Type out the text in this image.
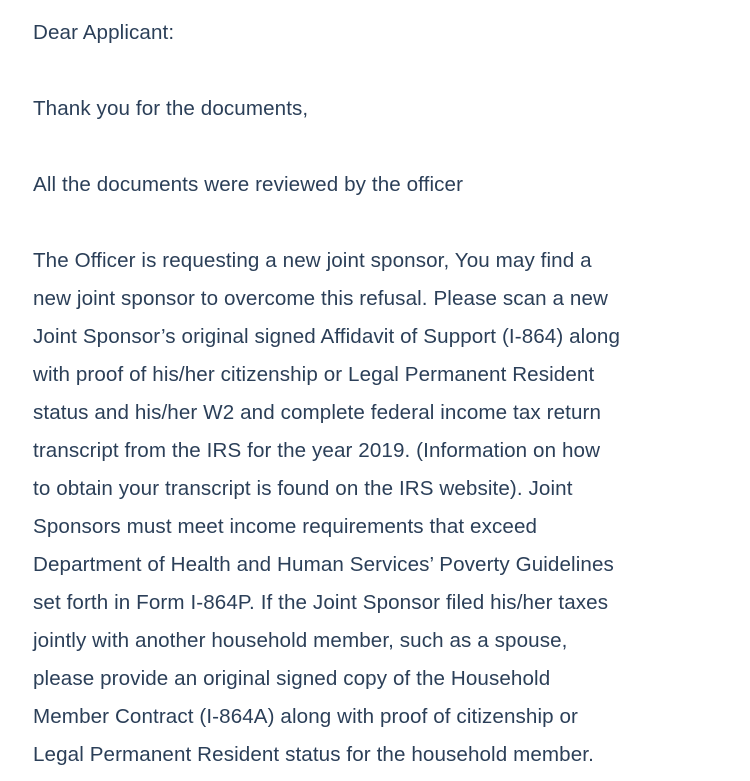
Dear Applicant:

Thank you for the documents,

All the documents were reviewed by the officer

The Officer is requesting a new joint sponsor, You may find a
new joint sponsor to overcome this refusal. Please scan a new
Joint Sponsor’s original signed Affidavit of Support (I-864) along
with proof of his/her citizenship or Legal Permanent Resident
status and his/her W2 and complete federal income tax return
transcript from the IRS for the year 2019. (Information on how
to obtain your transcript is found on the IRS website). Joint
Sponsors must meet income requirements that exceed
Department of Health and Human Services’ Poverty Guidelines
set forth in Form I-864P. If the Joint Sponsor filed his/her taxes
jointly with another household member, such as a spouse,
please provide an original signed copy of the Household
Member Contract (I-864A) along with proof of citizenship or
Legal Permanent Resident status for the household member.
